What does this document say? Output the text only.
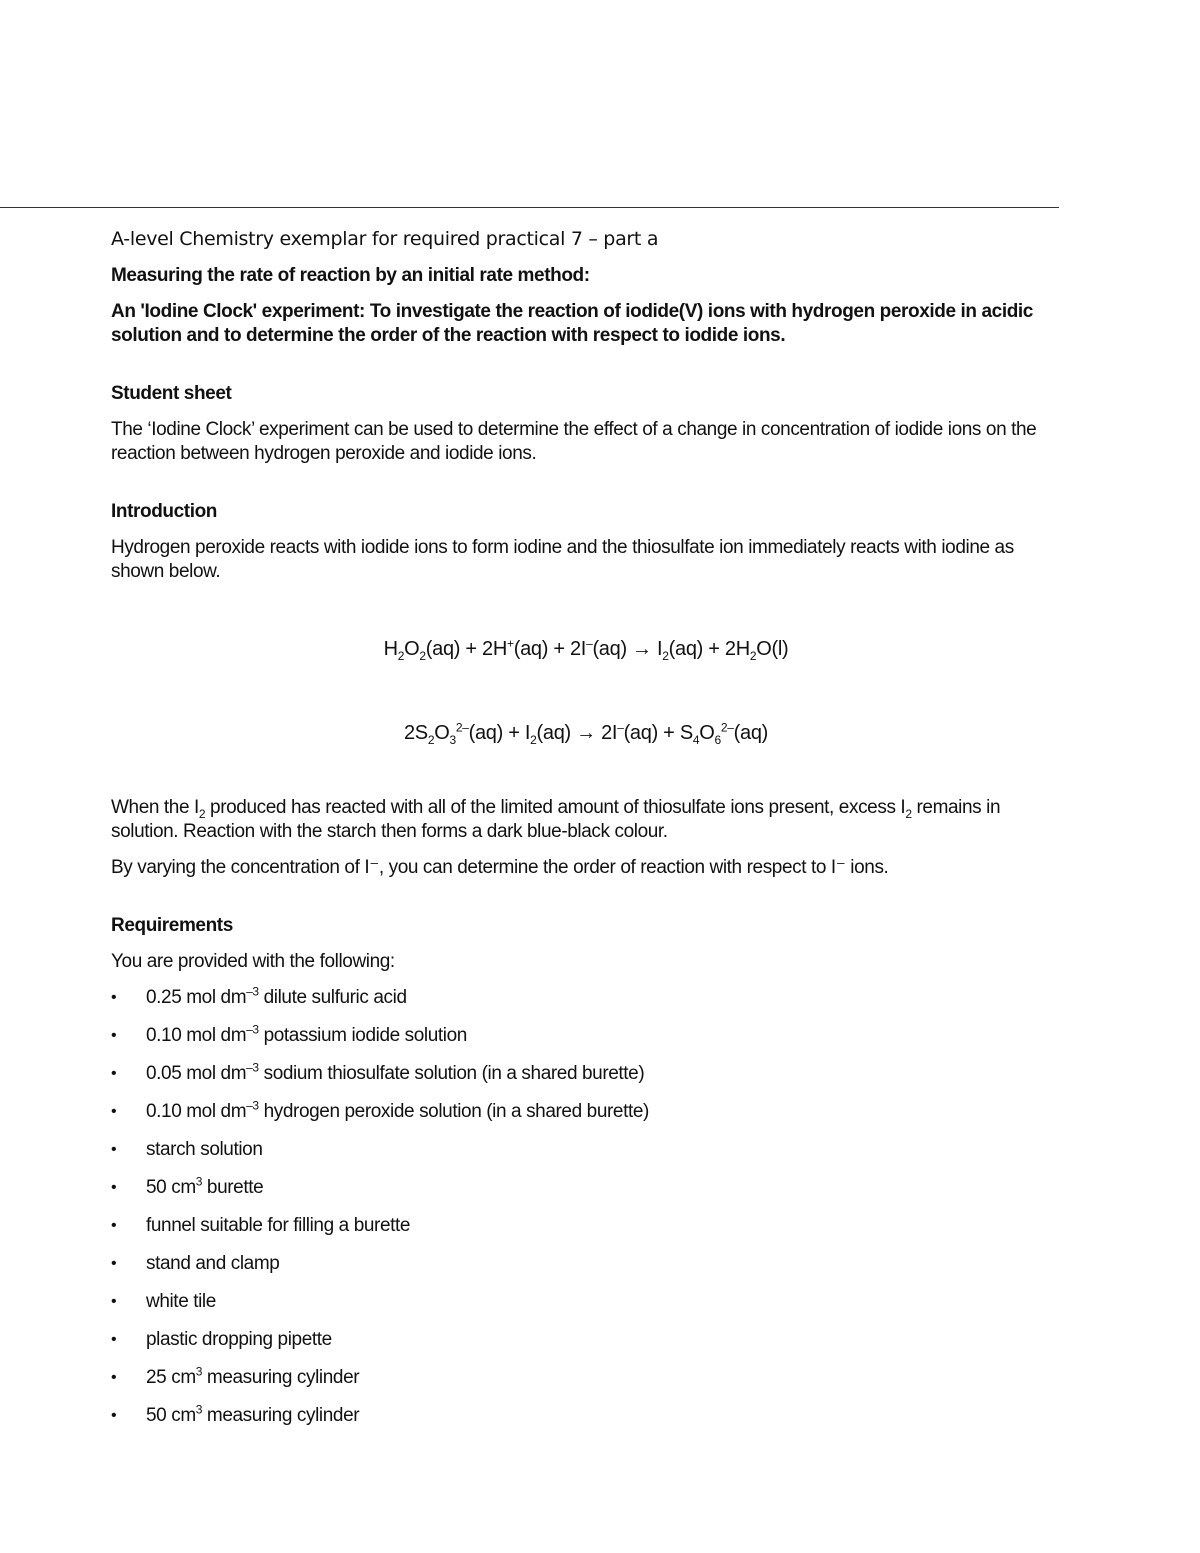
A-level Chemistry exemplar for required practical 7 – part a

Measuring the rate of reaction by an initial rate method:

An 'Iodine Clock' experiment: To investigate the reaction of iodide(V) ions with hydrogen peroxide in acidic solution and to determine the order of the reaction with respect to iodide ions.

Student sheet

The ‘Iodine Clock’ experiment can be used to determine the effect of a change in concentration of iodide ions on the reaction between hydrogen peroxide and iodide ions.

Introduction

Hydrogen peroxide reacts with iodide ions to form iodine and the thiosulfate ion immediately reacts with iodine as shown below.

$H_2O_2(aq) + 2H^+(aq) + 2I^-(aq) \to I_2(aq) + 2H_2O(l)$
$2S_2O_3^{2-}(aq) + I_2(aq) \to 2I^-(aq) + S_4O_6^{2-}(aq)$

When the $I_2$ produced has reacted with all of the limited amount of thiosulfate ions present, excess $I_2$ remains in solution. Reaction with the starch then forms a dark blue-black colour.

By varying the concentration of I⁻, you can determine the order of reaction with respect to I⁻ ions.

Requirements

You are provided with the following:

• 0.25 mol $dm^{-3}$ dilute sulfuric acid
• 0.10 mol $dm^{-3}$ potassium iodide solution
• 0.05 mol $dm^{-3}$ sodium thiosulfate solution (in a shared burette)
• 0.10 mol $dm^{-3}$ hydrogen peroxide solution (in a shared burette)
• starch solution
• 50 $cm^3$ burette
• funnel suitable for filling a burette
• stand and clamp
• white tile
• plastic dropping pipette
• 25 $cm^3$ measuring cylinder
• 50 $cm^3$ measuring cylinder
